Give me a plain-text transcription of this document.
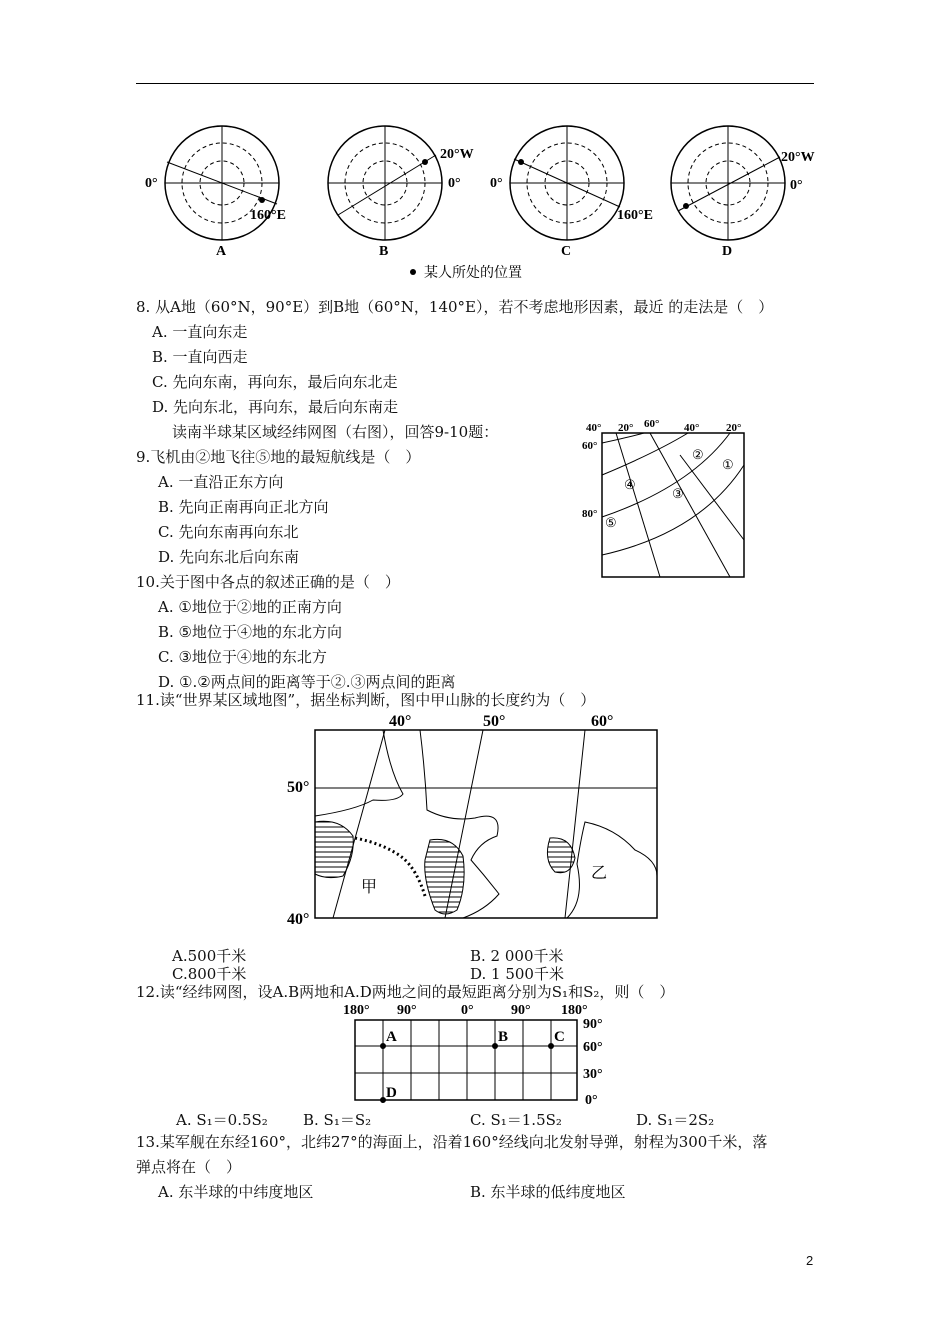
0°
160°E
A
20°W
0°
B
0°
160°E
C
20°W
0°
D
某人所处的位置
8. 从A地（60°N，90°E）到B地（60°N，140°E），若不考虑地形因素，最近 的走法是（　）
A. 一直向东走
B. 一直向西走
C. 先向东南，再向东，最后向东北走
D. 先向东北，再向东，最后向东南走
读南半球某区域经纬网图（右图），回答9-10题：	40° 20° 60° 40° 20°
60°
80°
①
②
③
④
⑤
9.飞机由②地飞往⑤地的最短航线是（　）
A. 一直沿正东方向
B. 先向正南再向正北方向
C. 先向东南再向东北
D. 先向东北后向东南
10.关于图中各点的叙述正确的是（　）
A. ①地位于②地的正南方向
B. ⑤地位于④地的东北方向
C. ③地位于④地的东北方
D. ①.②两点间的距离等于②.③两点间的距离
11.读“世界某区域地图”，据坐标判断，图中甲山脉的长度约为（　）
40°	50°	60°
50°
40°
甲
乙
A.500千米	B. 2 000千米
C.800千米	D. 1 500千米
12.读“经纬网图，设A.B两地和A.D两地之间的最短距离分别为S₁和S₂，则（　）
180° 90°	0°	90° 180°
90°
60°
30°
0°
A	B	C
D
A. S₁＝0.5S₂ B. S₁＝S₂	C. S₁＝1.5S₂	D. S₁＝2S₂
13.某军舰在东经160°，北纬27°的海面上，沿着160°经线向北发射导弹，射程为300千米，落
弹点将在（　）
A. 东半球的中纬度地区	B. 东半球的低纬度地区
2
